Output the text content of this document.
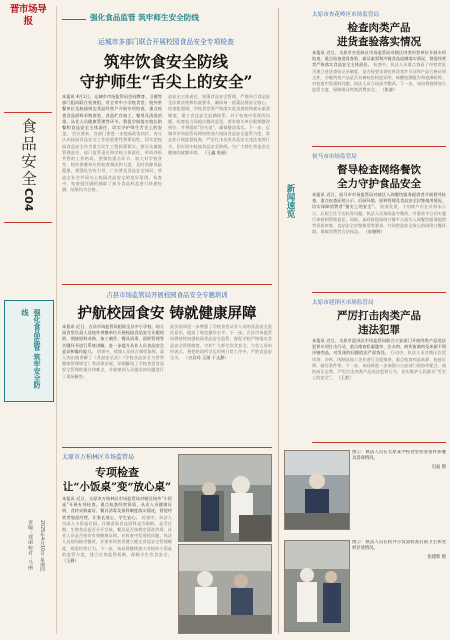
晋市场导报
食品安全
C04
强化食品监管 筑牢安全防线
2025年4月10日 星期四
责编：郑丽 校对：马丽
强化食品监管 筑牢师生安全防线
运城市多部门联合开展校园食品安全专项检查
筑牢饮食安全防线
守护师生“舌尖上的安全”
本报讯 4月2日，运城市市场监管局会同教育、卫健等部门组成联合检查组，对全市中小学校食堂、校外供餐单位及校园周边食品经营户开展专项检查，重点检查食品原料采购查验、食品贮存加工、餐用具清洗消毒、从业人员健康管理等环节，督促学校落实校长陪餐和食品安全主体责任，切实守护师生舌尖上的安全。 会议要求，各部门要进一步提高政治站位，充分认识校园食品安全工作的重要性和紧迫性，切实把校园食品安全作为重大民生工程抓紧抓实。要压实属地管理责任、部门监管责任和学校主体责任，形成齐抓共管的工作格局。要聚焦重点环节，加大对学校食堂、校外供餐单位的检查频次和力度，及时消除风险隐患。要强化宣传引导，广泛普及食品安全知识，营造全社会共同关心校园食品安全的良好氛围。检查中，检查组还随机抽取了部分食品样品进行快速检测，结果均为合格。
品安全主体责任，加强食品安全管理，严格执行食品安全法律法规和标准要求，确保每一道菜品都安全放心。检查组强调，学校食堂要严格落实进货查验和索证索票制度，建立食品安全追溯体系。对于检查中发现的问题，检查组当场提出整改意见，要求相关单位限期整改到位，并将组织“回头看”，确保整改落实。下一步，运城市市场监管局将持续加大校园食品安全监管力度，常态化开展监督检查，严厉打击各类食品安全违法违规行为，切实筑牢校园食品安全防线，为广大师生营造安全健康的就餐环境。 （王鑫 张丽）
吉县市场监管局开展校园食品安全专题培训
护航校园食安 铸就健康屏障
本报讯 近日，吉县市场监管局组织全县中小学校、幼儿园食堂负责人及校外供餐单位开展校园食品安全专题培训，围绕原料采购、加工制作、餐具消毒、留样管理等关键环节进行系统讲解，进一步提升从业人员食品安全意识和操作能力。 培训中，授课人员结合典型案例，深入浅出地讲解了《食品安全法》《学校食品安全与营养健康管理规定》等法律法规，详细解读了学校食堂食品安全管理的重点和难点，并就参训人员提出的问题进行了现场解答。
此次培训进一步增强了学校食堂从业人员的食品安全责任意识，提高了规范操作水平。下一步，吉县市场监管局将持续加强校园食品安全监管，督促学校严格落实食品安全管理制度，守护广大师生饮食安全。与会人员纷纷表示，将把培训所学运用到日常工作中，严把食品安全关。 （吉县局 王丽 于文静）
太原市万柏林区市场监管局
专项检查
让“小饭桌”变“放心桌”
本报讯 近日，太原市万柏林区市场监管局对辖区校外“小饭桌”开展专项检查，重点检查经营资质、从业人员健康证明、食材采购索证、餐具消毒及留样制度落实情况，督促经营者规范经营，让家长放心、学生安心。 检查中，执法人员深入小饭桌后厨，仔细查看食品原料是否新鲜、是否过期，生熟食品是否分开存放，餐具是否按规定清洗消毒，从业人员是否持有有效健康证明。对检查中发现的问题，执法人员现场指导整改，并要求经营者建立健全食品安全管理制度，规范经营行为。下一步，该局将继续加大对校外小饭桌的监管力度，建立长效监管机制，保障学生饮食安全。 （王静）
新闻速览
太原市杏花岭区市场监管局
检查肉类产品
进货查验落实情况
本报讯 近日，太原市杏花岭区市场监管局对辖区肉类经营单位开展专项检查，重点检查进货查验、索证索票和冷链食品追溯落实情况，督促经营者严格落实食品安全主体责任。 检查中，执法人员重点查看了经营者是否建立进货查验记录制度，是否按要求查验供货者许可证和产品合格证明文件，冷链肉类产品是否具备检验检疫证明、核酸检测报告和追溯码等。对检查中发现的问题，执法人员当场责令整改。下一步，该局将持续加大监管力度，保障群众肉类消费安全。 （张涛）
侯马市市场监管局
督导检查网络餐饮
全力守护食品安全
本报讯 近日，侯马市市场监管局对辖区入网餐饮服务提供者开展督导检查，重点检查证照公示、后厨环境、原料管理及食品安全封签使用情况，切实保障消费者“指尖上的安全”。 检查发现，个别商户存在证照未公示、后厨卫生不达标等问题，执法人员现场责令整改，并要求平台切实履行审核和管理责任。同时，该局督促网络订餐平台落实入网餐饮服务提供者资质审查、食品安全封签使用等要求，共同营造安全放心的网络订餐环境，保障消费者合法权益。 （宋晓明）
太原市迎泽区市场监管局
严厉打击肉类产品
违法犯罪
本报讯 近日，太原市迎泽区市场监管局联合公安部门开展肉类产品违法犯罪专项打击行动，重点排查私屠滥宰、注水肉、病死畜禽肉及来源不明冷链肉品，对发现的问题依法严肃查处。 行动中，执法人员对辖区农贸市场、冷库、肉制品加工企业进行全面排查，重点检查肉品来源、检疫证明、储存条件等。下一步，该局将进一步加强与公安部门的协作配合，保持高压态势，严厉打击肉类产品违法犯罪行为，切实维护人民群众“舌尖上的安全”。 （王宏）
图①：执法人员在太原某学校食堂检查留样和餐具消毒情况。
启晶 摄
图②：执法人员在校外小饭桌检查后厨卫生和食材存放情况。
张建辉 摄
